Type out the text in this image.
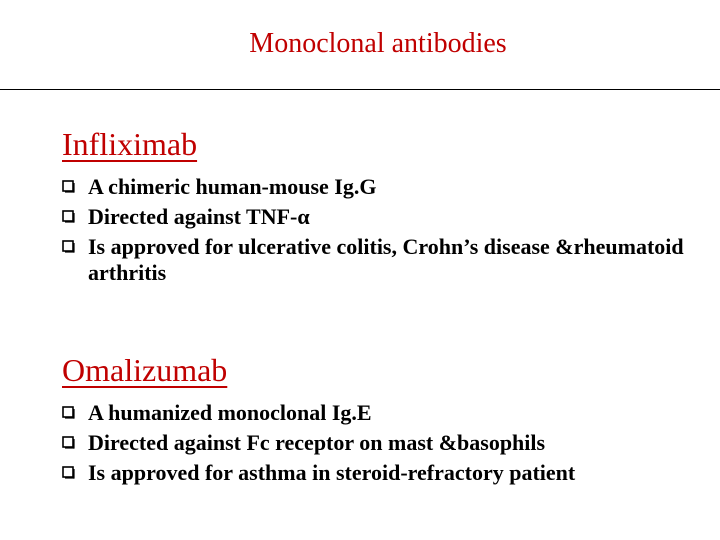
Monoclonal antibodies
Infliximab
A chimeric human-mouse Ig.G
Directed against TNF-α
Is approved for ulcerative colitis, Crohn’s disease &rheumatoid arthritis
Omalizumab
A humanized monoclonal Ig.E
Directed against Fc receptor on mast &basophils
Is approved for asthma in steroid-refractory patient
